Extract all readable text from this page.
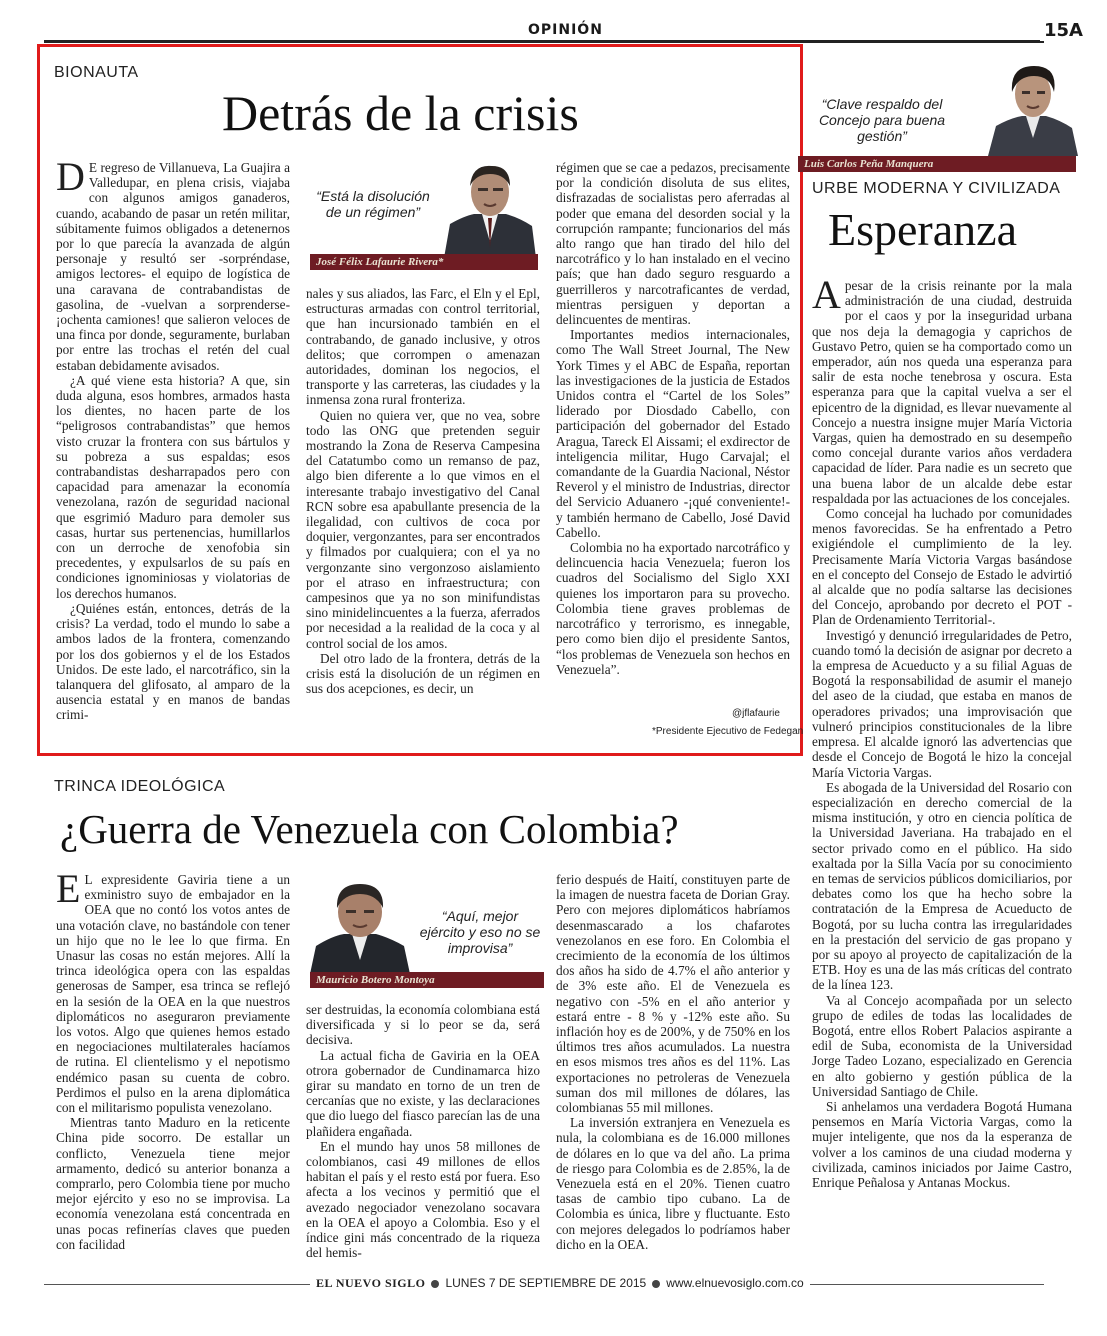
OPINIÓN	15A
BIONAUTA
Detrás de la crisis

D E regreso de Villanueva, La Guajira a Valledupar, en plena crisis, viajaba con algunos amigos ganaderos, cuando, acabando de pasar un retén militar, súbitamente fuimos obligados a detenernos por lo que parecía la avanzada de algún personaje y resultó ser -sorpréndase, amigos lectores- el equipo de logística de una caravana de contrabandistas de gasolina, de -vuelvan a sorprenderse- ¡ochenta camiones! que salieron veloces de una finca por donde, seguramente, burlaban por entre las trochas el retén del cual estaban debidamente avisados.

¿A qué viene esta historia? A que, sin duda alguna, esos hombres, armados hasta los dientes, no hacen parte de los “peligrosos contrabandistas” que hemos visto cruzar la frontera con sus bártulos y su pobreza a sus espaldas; esos contrabandistas desharrapados pero con capacidad para amenazar la economía venezolana, razón de seguridad nacional que esgrimió Maduro para demoler sus casas, hurtar sus pertenencias, humillarlos con un derroche de xenofobia sin precedentes, y expulsarlos de su país en condiciones ignominiosas y violatorias de los derechos humanos.

¿Quiénes están, entonces, detrás de la crisis? La verdad, todo el mundo lo sabe a ambos lados de la frontera, comenzando por los dos gobiernos y el de los Estados Unidos. De este lado, el narcotráfico, sin la talanquera del glifosato, al amparo de la ausencia estatal y en manos de bandas crimi-

“Está la disolución de un régimen”
José Félix Lafaurie Rivera*

nales y sus aliados, las Farc, el Eln y el Epl, estructuras armadas con control territorial, que han incursionado también en el contrabando, de ganado inclusive, y otros delitos; que corrompen o amenazan autoridades, dominan los negocios, el transporte y las carreteras, las ciudades y la inmensa zona rural fronteriza.

Quien no quiera ver, que no vea, sobre todo las ONG que pretenden seguir mostrando la Zona de Reserva Campesina del Catatumbo como un remanso de paz, algo bien diferente a lo que vimos en el interesante trabajo investigativo del Canal RCN sobre esa apabullante presencia de la ilegalidad, con cultivos de coca por doquier, vergonzantes, para ser encontrados y filmados por cualquiera; con el ya no vergonzante sino vergonzoso aislamiento por el atraso en infraestructura; con campesinos que ya no son minifundistas sino minidelincuentes a la fuerza, aferrados por necesidad a la realidad de la coca y al control social de los amos.

Del otro lado de la frontera, detrás de la crisis está la disolución de un régimen en sus dos acepciones, es decir, un

régimen que se cae a pedazos, precisamente por la condición disoluta de sus elites, disfrazadas de socialistas pero aferradas al poder que emana del desorden social y la corrupción rampante; funcionarios del más alto rango que han tirado del hilo del narcotráfico y lo han instalado en el vecino país; que han dado seguro resguardo a guerrilleros y narcotraficantes de verdad, mientras persiguen y deportan a delincuentes de mentiras.

Importantes medios internacionales, como The Wall Street Journal, The New York Times y el ABC de España, reportan las investigaciones de la justicia de Estados Unidos contra el “Cartel de los Soles” liderado por Diosdado Cabello, con participación del gobernador del Estado Aragua, Tareck El Aissami; el exdirector de inteligencia militar, Hugo Carvajal; el comandante de la Guardia Nacional, Néstor Reverol y el ministro de Industrias, director del Servicio Aduanero -¡qué conveniente!- y también hermano de Cabello, José David Cabello.

Colombia no ha exportado narcotráfico y delincuencia hacia Venezuela; fueron los cuadros del Socialismo del Siglo XXI quienes los importaron para su provecho. Colombia tiene graves problemas de narcotráfico y terrorismo, es innegable, pero como bien dijo el presidente Santos, “los problemas de Venezuela son hechos en Venezuela”.

@jflafaurie
*Presidente Ejecutivo de Fedegan
“Clave respaldo del Concejo para buena gestión”
Luis Carlos Peña Manquera
URBE MODERNA Y CIVILIZADA
Esperanza

Apesar de la crisis reinante por la mala administración de una ciudad, destruida por el caos y por la inseguridad urbana que nos deja la demagogia y caprichos de Gustavo Petro, quien se ha comportado como un emperador, aún nos queda una esperanza para salir de esta noche tenebrosa y oscura. Esta esperanza para que la capital vuelva a ser el epicentro de la dignidad, es llevar nuevamente al Concejo a nuestra insigne mujer María Victoria Vargas, quien ha demostrado en su desempeño como concejal durante varios años verdadera capacidad de líder. Para nadie es un secreto que una buena labor de un alcalde debe estar respaldada por las actuaciones de los concejales.

Como concejal ha luchado por comunidades menos favorecidas. Se ha enfrentado a Petro exigiéndole el cumplimiento de la ley. Precisamente María Victoria Vargas basándose en el concepto del Consejo de Estado le advirtió al alcalde que no podía saltarse las decisiones del Concejo, aprobando por decreto el POT -Plan de Ordenamiento Territorial-.

Investigó y denunció irregularidades de Petro, cuando tomó la decisión de asignar por decreto a la empresa de Acueducto y a su filial Aguas de Bogotá la responsabilidad de asumir el manejo del aseo de la ciudad, que estaba en manos de operadores privados; una improvisación que vulneró principios constitucionales de la libre empresa. El alcalde ignoró las advertencias que desde el Concejo de Bogotá le hizo la concejal María Victoria Vargas.

Es abogada de la Universidad del Rosario con especialización en derecho comercial de la misma institución, y otro en ciencia política de la Universidad Javeriana. Ha trabajado en el sector privado como en el público. Ha sido exaltada por la Silla Vacía por su conocimiento en temas de servicios públicos domiciliarios, por debates como los que ha hecho sobre la contratación de la Empresa de Acueducto de Bogotá, por su lucha contra las irregularidades en la prestación del servicio de gas propano y por su apoyo al proyecto de capitalización de la ETB. Hoy es una de las más críticas del contrato de la línea 123.

Va al Concejo acompañada por un selecto grupo de ediles de todas las localidades de Bogotá, entre ellos Robert Palacios aspirante a edil de Suba, economista de la Universidad Jorge Tadeo Lozano, especializado en Gerencia en alto gobierno y gestión pública de la Universidad Santiago de Chile.

Si anhelamos una verdadera Bogotá Humana pensemos en María Victoria Vargas, como la mujer inteligente, que nos da la esperanza de volver a los caminos de una ciudad moderna y civilizada, caminos iniciados por Jaime Castro, Enrique Peñalosa y Antanas Mockus.

TRINCA IDEOLÓGICA
¿Guerra de Venezuela con Colombia?

E L expresidente Gaviria tiene a un exministro suyo de embajador en la OEA que no contó los votos antes de una votación clave, no bastándole con tener un hijo que no le lee lo que firma. En Unasur las cosas no están mejores. Allí la trinca ideológica opera con las espaldas generosas de Samper, esa trinca se reflejó en la sesión de la OEA en la que nuestros diplomáticos no aseguraron previamente los votos. Algo que quienes hemos estado en negociaciones multilaterales hacíamos de rutina. El clientelismo y el nepotismo endémico pasan su cuenta de cobro. Perdimos el pulso en la arena diplomática con el militarismo populista venezolano.

Mientras tanto Maduro en la reticente China pide socorro. De estallar un conflicto, Venezuela tiene mejor armamento, dedicó su anterior bonanza a comprarlo, pero Colombia tiene por mucho mejor ejército y eso no se improvisa. La economía venezolana está concentrada en unas pocas refinerías claves que pueden con facilidad

“Aquí, mejor ejército y eso no se improvisa”
Mauricio Botero Montoya

ser destruidas, la economía colombiana está diversificada y si lo peor se da, será decisiva.

La actual ficha de Gaviria en la OEA otrora gobernador de Cundinamarca hizo girar su mandato en torno de un tren de cercanías que no existe, y las declaraciones que dio luego del fiasco parecían las de una plañidera engañada.

En el mundo hay unos 58 millones de colombianos, casi 49 millones de ellos habitan el país y el resto está por fuera. Eso afecta a los vecinos y permitió que el avezado negociador venezolano socavara en la OEA el apoyo a Colombia. Eso y el índice gini más concentrado de la riqueza del hemis-

ferio después de Haití, constituyen parte de la imagen de nuestra faceta de Dorian Gray. Pero con mejores diplomáticos habríamos desenmascarado a los chafarotes venezolanos en ese foro. En Colombia el crecimiento de la economía de los últimos dos años ha sido de 4.7% el año anterior y de 3% este año. El de Venezuela es negativo con -5% en el año anterior y estará entre - 8 % y -12% este año. Su inflación hoy es de 200%, y de 750% en los últimos tres años acumulados. La nuestra en esos mismos tres años es del 11%. Las exportaciones no petroleras de Venezuela suman dos mil millones de dólares, las colombianas 55 mil millones.

La inversión extranjera en Venezuela es nula, la colombiana es de 16.000 millones de dólares en lo que va del año. La prima de riesgo para Colombia es de 2.85%, la de Venezuela está en el 20%. Tienen cuatro tasas de cambio tipo cubano. La de Colombia es única, libre y fluctuante. Esto con mejores delegados lo podríamos haber dicho en la OEA.

EL NUEVO SIGLO LUNES 7 DE SEPTIEMBRE DE 2015 www.elnuevosiglo.com.co
